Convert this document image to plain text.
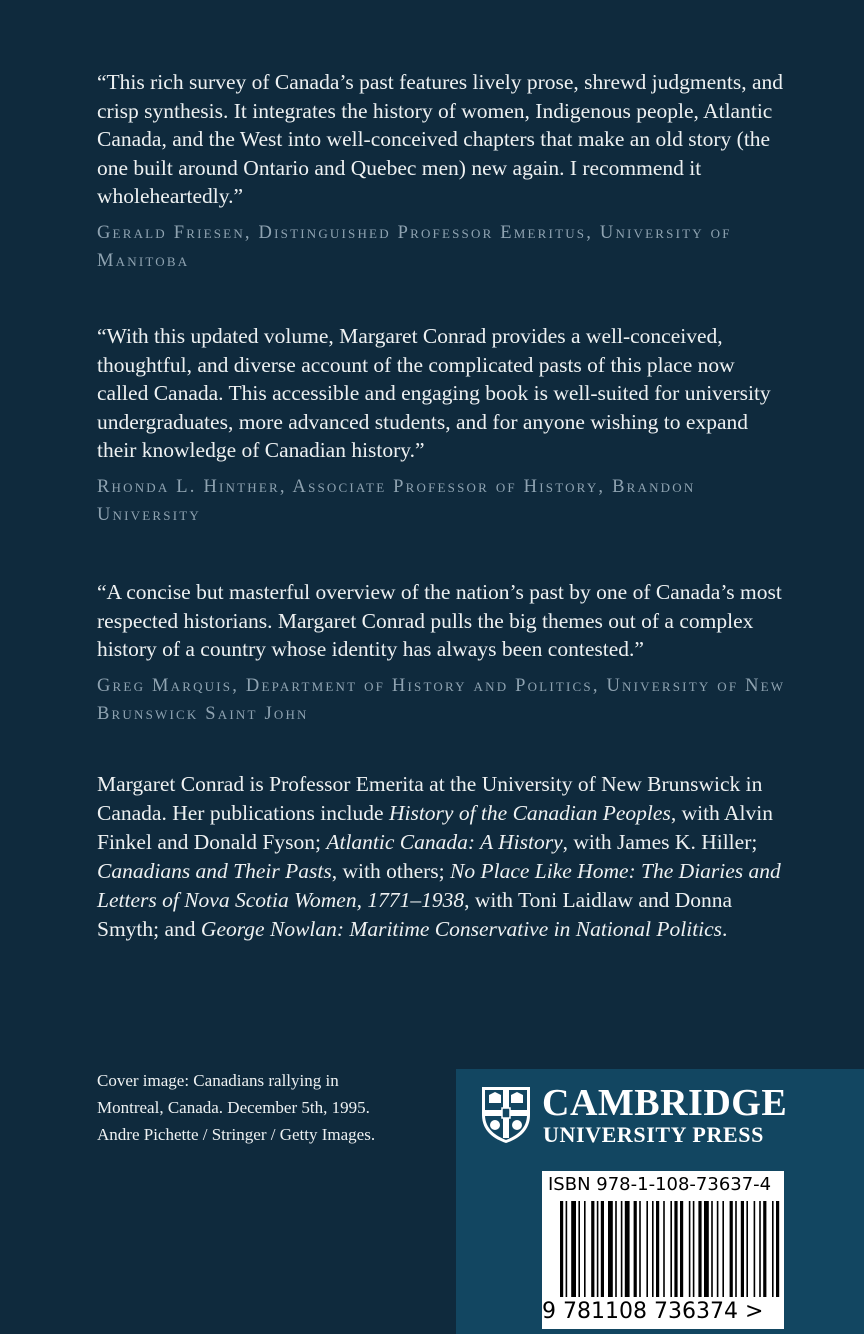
“This rich survey of Canada’s past features lively prose, shrewd judgments, and crisp synthesis. It integrates the history of women, Indigenous people, Atlantic Canada, and the West into well-conceived chapters that make an old story (the one built around Ontario and Quebec men) new again. I recommend it wholeheartedly.”

Gerald Friesen, Distinguished Professor Emeritus, University of Manitoba

“With this updated volume, Margaret Conrad provides a well-conceived, thoughtful, and diverse account of the complicated pasts of this place now called Canada. This accessible and engaging book is well-suited for university undergraduates, more advanced students, and for anyone wishing to expand their knowledge of Canadian history.”

Rhonda L. Hinther, Associate Professor of History, Brandon University

“A concise but masterful overview of the nation’s past by one of Canada’s most respected historians. Margaret Conrad pulls the big themes out of a complex history of a country whose identity has always been contested.”

Greg Marquis, Department of History and Politics, University of New Brunswick Saint John

Margaret Conrad is Professor Emerita at the University of New Brunswick in Canada. Her publications include History of the Canadian Peoples, with Alvin Finkel and Donald Fyson; Atlantic Canada: A History, with James K. Hiller; Canadians and Their Pasts, with others; No Place Like Home: The Diaries and Letters of Nova Scotia Women, 1771–1938, with Toni Laidlaw and Donna Smyth; and George Nowlan: Maritime Conservative in National Politics.

Cover image: Canadians rallying in Montreal, Canada. December 5th, 1995. Andre Pichette / Stringer / Getty Images.

CAMBRIDGE
UNIVERSITY PRESS
ISBN 978-1-108-73637-4
9 781108 736374 >
